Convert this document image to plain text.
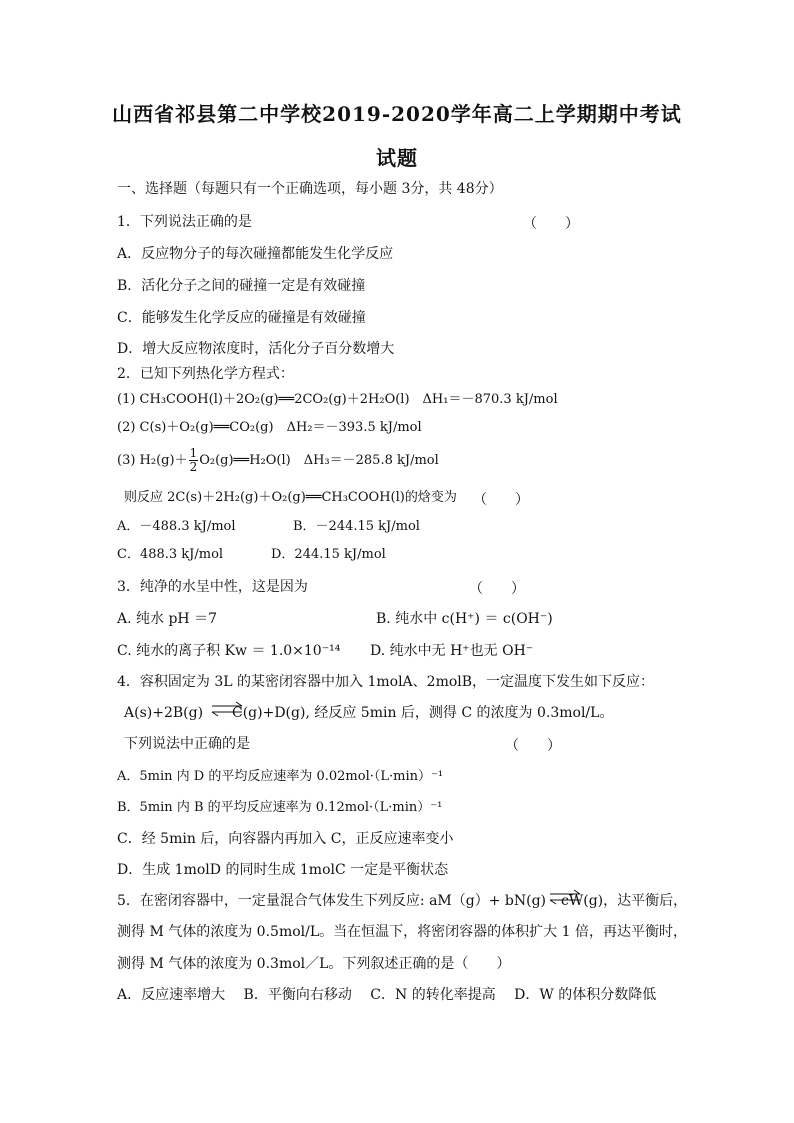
山西省祁县第二中学校2019-2020学年高二上学期期中考试
试题
一、选择题（每题只有一个正确选项，每小题 3分，共 48分）
1．下列说法正确的是	（　　）
A．反应物分子的每次碰撞都能发生化学反应
B．活化分子之间的碰撞一定是有效碰撞
C．能够发生化学反应的碰撞是有效碰撞
D．增大反应物浓度时，活化分子百分数增大
2．已知下列热化学方程式：
(1) CH₃COOH(l)＋2O₂(g)══2CO₂(g)＋2H₂O(l)　ΔH₁＝－870.3 kJ/mol
(2) C(s)＋O₂(g)══CO₂(g)　ΔH₂＝－393.5 kJ/mol
(3) $H_2(g)+ \frac{1}{2}$ O₂(g)══H₂O(l)　ΔH₃＝－285.8 kJ/mol
则反应 2C(s)＋2H₂(g)＋O₂(g)══CH₃COOH(l)的焓变为 （　　）
A．－488.3 kJ/mol	B．－244.15 kJ/mol
C．488.3 kJ/mol	D．244.15 kJ/mol
3．纯净的水呈中性，这是因为	（　　）
A. 纯水 pH ＝7	B. 纯水中 c(H⁺) ＝ c(OH⁻)
C. 纯水的离子积 Kw ＝ 1.0×10⁻¹⁴ D. 纯水中无 H⁺也无 OH⁻
4．容积固定为 3L 的某密闭容器中加入 1molA、2molB，一定温度下发生如下反应：
A(s)+2B(g) ⇌
C(g)+D(g), 经反应 5min 后，测得 C 的浓度为 0.3mol/L。
下列说法中正确的是	（　　）
A．5min 内 D 的平均反应速率为 0.02mol·（L·min）⁻¹
B．5min 内 B 的平均反应速率为 0.12mol·（L·min）⁻¹
C．经 5min 后，向容器内再加入 C，正反应速率变小
D．生成 1molD 的同时生成 1molC 一定是平衡状态
5．在密闭容器中，一定量混合气体发生下列反应: aM（g）+ bN(g) ⇌
cW(g)，达平衡后，
测得 M 气体的浓度为 0.5mol/L。当在恒温下，将密闭容器的体积扩大 1 倍，再达平衡时，
测得 M 气体的浓度为 0.3mol／L。下列叙述正确的是（　　）
A．反应速率增大　 B．平衡向右移动　 C．N 的转化率提高　 D．W 的体积分数降低
